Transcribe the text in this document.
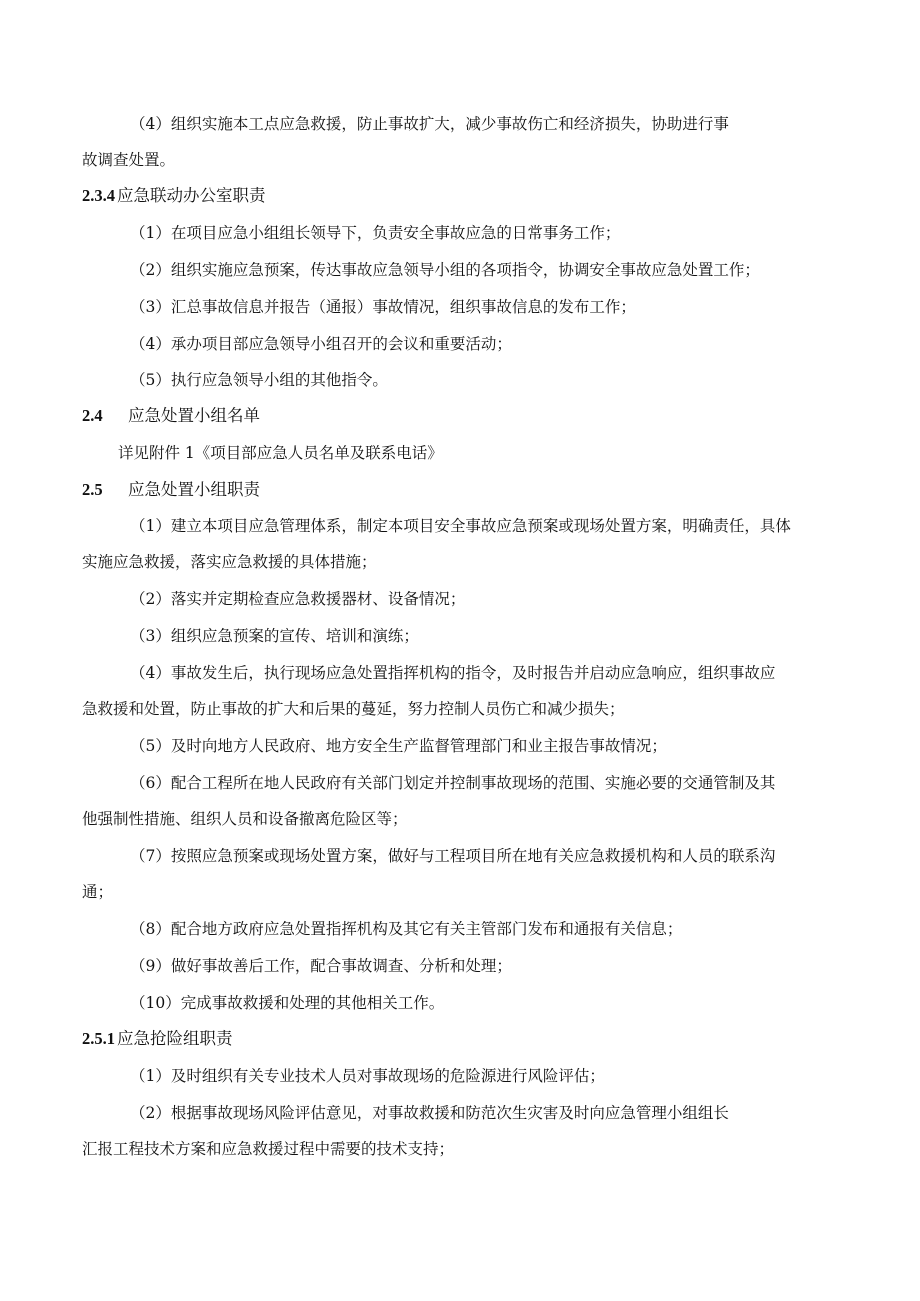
（4）组织实施本工点应急救援，防止事故扩大，减少事故伤亡和经济损失，协助进行事
故调查处置。
2.3.4 应急联动办公室职责
（1）在项目应急小组组长领导下，负责安全事故应急的日常事务工作；
（2）组织实施应急预案，传达事故应急领导小组的各项指令，协调安全事故应急处置工作；
（3）汇总事故信息并报告（通报）事故情况，组织事故信息的发布工作；
（4）承办项目部应急领导小组召开的会议和重要活动；
（5）执行应急领导小组的其他指令。
2.4 应急处置小组名单
详见附件 1《项目部应急人员名单及联系电话》
2.5 应急处置小组职责
（1）建立本项目应急管理体系，制定本项目安全事故应急预案或现场处置方案，明确责任，具体
实施应急救援，落实应急救援的具体措施；
（2）落实并定期检查应急救援器材、设备情况；
（3）组织应急预案的宣传、培训和演练；
（4）事故发生后，执行现场应急处置指挥机构的指令，及时报告并启动应急响应，组织事故应
急救援和处置，防止事故的扩大和后果的蔓延，努力控制人员伤亡和减少损失；
（5）及时向地方人民政府、地方安全生产监督管理部门和业主报告事故情况；
（6）配合工程所在地人民政府有关部门划定并控制事故现场的范围、实施必要的交通管制及其
他强制性措施、组织人员和设备撤离危险区等；
（7）按照应急预案或现场处置方案，做好与工程项目所在地有关应急救援机构和人员的联系沟
通；
（8）配合地方政府应急处置指挥机构及其它有关主管部门发布和通报有关信息；
（9）做好事故善后工作，配合事故调查、分析和处理；
（10）完成事故救援和处理的其他相关工作。
2.5.1 应急抢险组职责
（1）及时组织有关专业技术人员对事故现场的危险源进行风险评估；
（2）根据事故现场风险评估意见，对事故救援和防范次生灾害及时向应急管理小组组长
汇报工程技术方案和应急救援过程中需要的技术支持；
